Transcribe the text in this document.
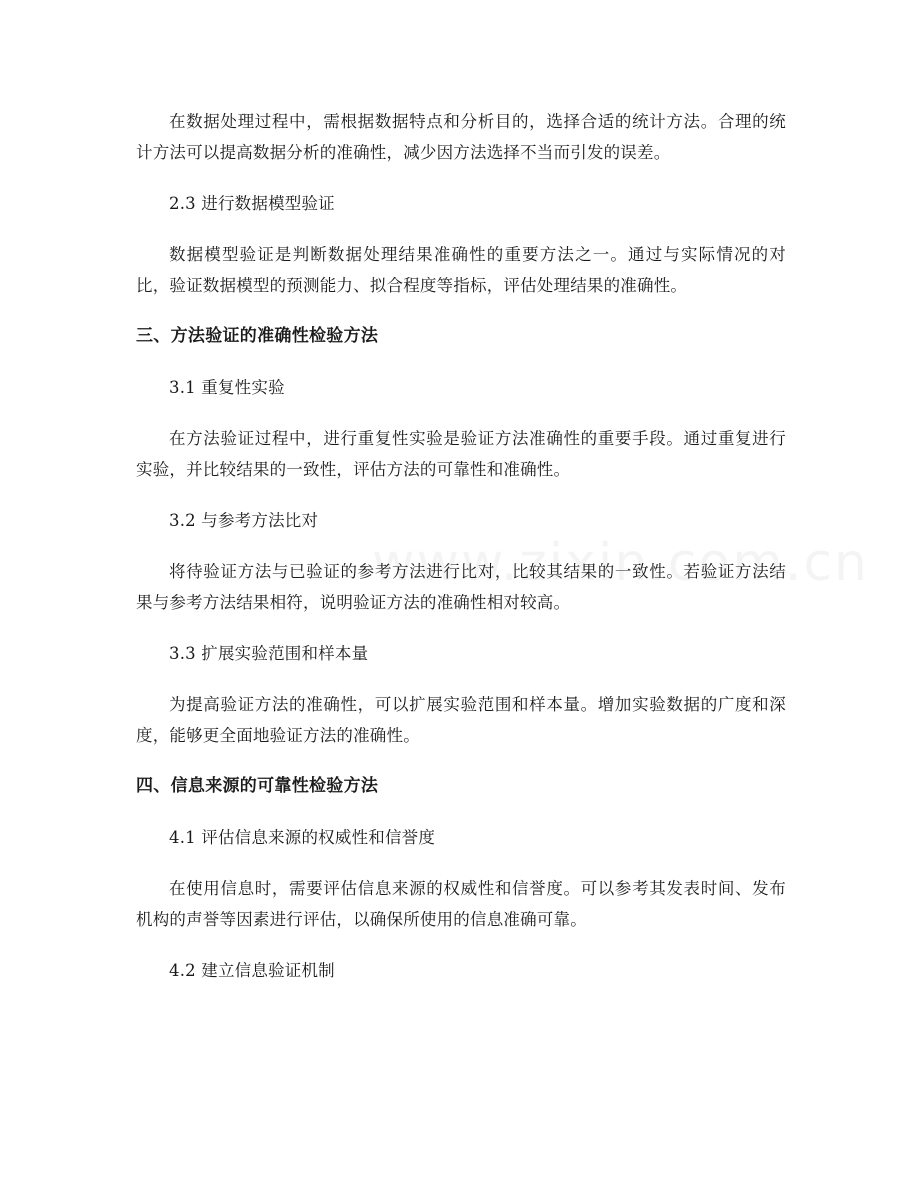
在数据处理过程中，需根据数据特点和分析目的，选择合适的统计方法。合理的统计方法可以提高数据分析的准确性，减少因方法选择不当而引发的误差。

2.3 进行数据模型验证

数据模型验证是判断数据处理结果准确性的重要方法之一。通过与实际情况的对比，验证数据模型的预测能力、拟合程度等指标，评估处理结果的准确性。

三、方法验证的准确性检验方法

3.1 重复性实验

在方法验证过程中，进行重复性实验是验证方法准确性的重要手段。通过重复进行实验，并比较结果的一致性，评估方法的可靠性和准确性。

3.2 与参考方法比对

将待验证方法与已验证的参考方法进行比对，比较其结果的一致性。若验证方法结果与参考方法结果相符，说明验证方法的准确性相对较高。

3.3 扩展实验范围和样本量

为提高验证方法的准确性，可以扩展实验范围和样本量。增加实验数据的广度和深度，能够更全面地验证方法的准确性。

四、信息来源的可靠性检验方法

4.1 评估信息来源的权威性和信誉度

在使用信息时，需要评估信息来源的权威性和信誉度。可以参考其发表时间、发布机构的声誉等因素进行评估，以确保所使用的信息准确可靠。

4.2 建立信息验证机制
